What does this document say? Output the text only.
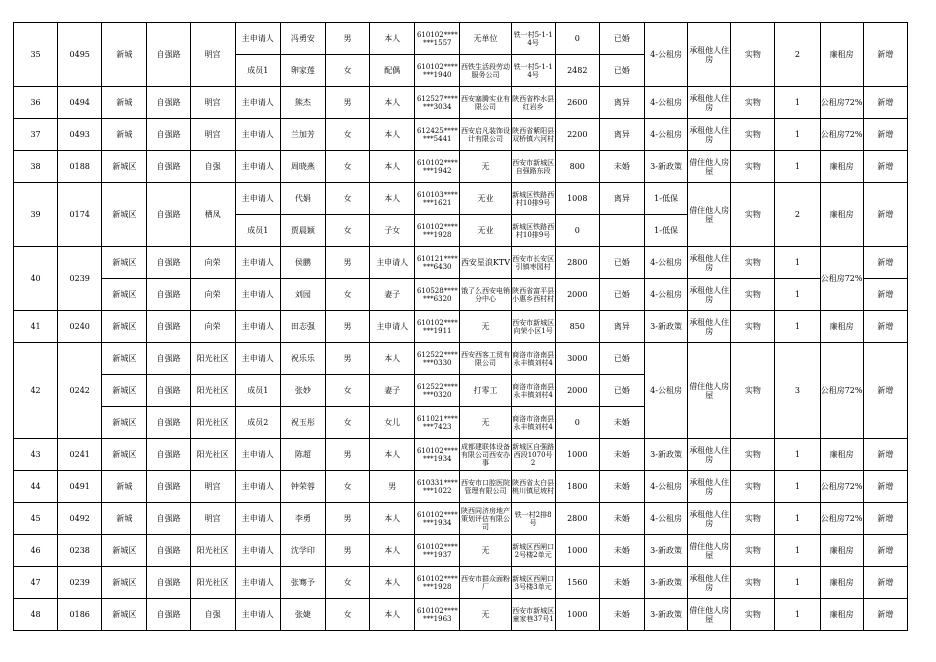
35	0495	新城	自强路	明宫	主申请人	冯勇安	男	本人	610102*******1557	无单位	铁一村5-1-14号	0	已婚	4-公租房	承租他人住房	实物	2	廉租房	新增
					成员1	卵家莲	女	配偶	610102*******1940	西铁生活段劳动服务公司	铁一村5-1-14号	2482	已婚						
36	0494	新城	自强路	明宫	主申请人	熊杰	男	本人	612527*******3034	西安塞腾实业有限公司	陕西省柞水县红岩乡	2600	离异	4-公租房	承租他人住房	实物	1	公租房72%	新增
37	0493	新城	自强路	明宫	主申请人	兰加芳	女	本人	612425*******5441	西安启凡装饰设计有限公司	陕西省紫阳县双桥镇六河村	2200	离异	4-公租房	承租他人住房	实物	1	公租房72%	新增
38	0188	新城区	自强路	自强	主申请人	周晓燕	女	本人	610102*******1942	无	西安市新城区自强路东段	800	未婚	3-新政策	借住他人房屋	实物	1	廉租房	新增
39	0174	新城区	自强路	栖凤	主申请人	代娟	女	本人	610103*******1621	无业	新城区铁路西村10排9号	1008	离异	1-低保	借住他人房屋	实物	2	廉租房	新增
					成员1	贾晨颖	女	子女	610102*******1928	无业	新城区铁路西村10排9号	0		1-低保					
40	0239	新城区	自强路	向荣	主申请人	侯鹏	男	主申请人	610121*******6430	西安星浪KTV	西安市长安区引镇枣园村	2800	已婚	4-公租房	承租他人住房	实物	1	公租房72%	新增
		新城区	自强路	向荣	主申请人	刘园	女	妻子	610528*******6320	饿了么西安电销分中心	陕西省富平县小惠乡西村村	2000	已婚	4-公租房	承租他人住房	实物	1		新增
41	0240	新城区	自强路	向荣	主申请人	田志强	男	主申请人	610102*******1911	无	西安市新城区向荣小区1号	850	离异	3-新政策	承租他人住房	实物	1	廉租房	新增
42	0242	新城区	自强路	阳光社区	主申请人	祝乐乐	男	本人	612522*******0330	西安西客工贸有限公司	商洛市洛南县永丰镇刘村4	3000	已婚	4-公租房	借住他人房屋	实物	3	公租房72%	新增
		新城区	自强路	阳光社区	成员1	张妙	女	妻子	612522*******0320	打零工	商洛市洛南县永丰镇刘村4	2000	已婚						
		新城区	自强路	阳光社区	成员2	祝玉彤	女	女儿	611021*******7423	无	商洛市洛南县永丰镇刘村4	0	未婚						
43	0241	新城区	自强路	阳光社区	主申请人	陈超	男	本人	610102*******1934	成都建联体设备有限公司西安办事	新城区自强路西段1070号2	1000	未婚	3-新政策	承租他人住房	实物	1	廉租房	新增
44	0491	新城	自强路	明宫	主申请人	钟荣蓉	女	男	610331*******1022	西安市口腔医院管理有限公司	陕西省太白县桃川镇尼坡村	1800	未婚	4-公租房	承租他人住房	实物	1	公租房72%	新增
45	0492	新城	自强路	明宫	主申请人	李勇	男	本人	610102*******1934	陕西同济房地产策划评估有限公司	铁一村2排8号	2800	未婚	4-公租房	承租他人住房	实物	1	公租房72%	新增
46	0238	新城区	自强路	阳光社区	主申请人	沈学印	男	本人	610102*******1937	无	新城区西闸口2号楼2单元	1000	未婚	3-新政策	借住他人房屋	实物	1	廉租房	新增
47	0239	新城区	自强路	阳光社区	主申请人	张骞予	女	本人	610102*******1928	西安市群众面粉厂	新城区西闸口3号楼3单元	1560	未婚	3-新政策	承租他人住房	实物	1	廉租房	新增
48	0186	新城区	自强路	自强	主申请人	张婕	女	本人	610102*******1963	无	西安市新城区童家巷37号1	1000	未婚	3-新政策	借住他人房屋	实物	1	廉租房	新增
